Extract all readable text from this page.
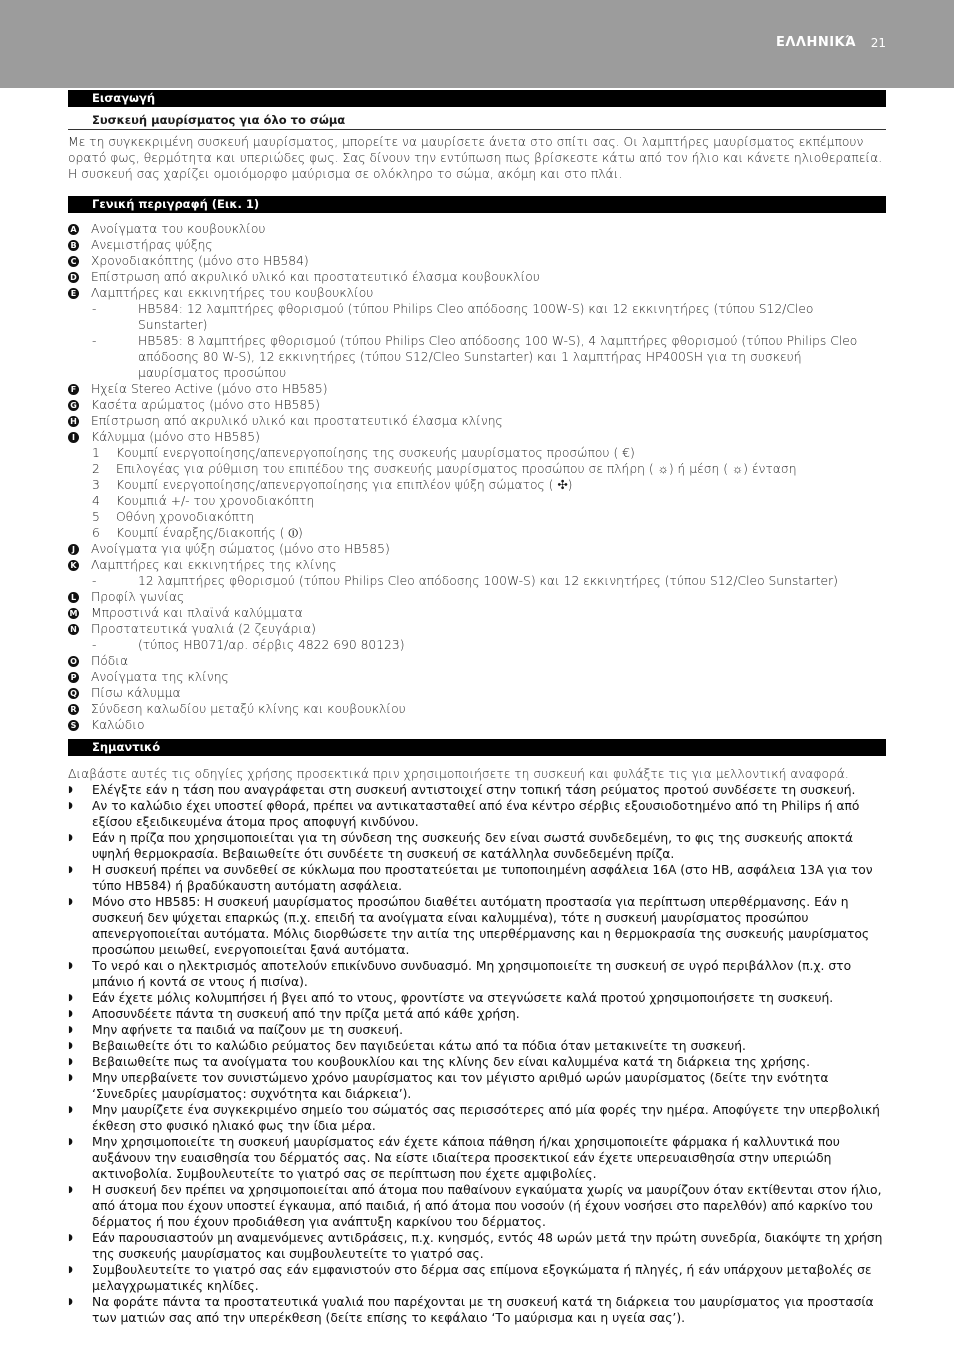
ΕΛΛΗΝΙΚΆ 21
Εισαγωγή
Συσκευή μαυρίσματος για όλο το σώμα

Με τη συγκεκριμένη συσκευή μαυρίσματος, μπορείτε να μαυρίσετε άνετα στο σπίτι σας. Οι λαμπτήρες μαυρίσματος εκπέμπουν ορατό φως, θερμότητα και υπεριώδες φως. Σας δίνουν την εντύπωση πως βρίσκεστε κάτω από τον ήλιο και κάνετε ηλιοθεραπεία. Η συσκευή σας χαρίζει ομοιόμορφο μαύρισμα σε ολόκληρο το σώμα, ακόμη και στο πλάι.

Γενική περιγραφή (Εικ. 1)
A Ανοίγματα του κουβουκλίου
B Ανεμιστήρας ψύξης
C Χρονοδιακόπτης (μόνο στο HB584)
D Επίστρωση από ακρυλικό υλικό και προστατευτικό έλασμα κουβουκλίου
E Λαμπτήρες και εκκινητήρες του κουβουκλίου
-	HB584: 12 λαμπτήρες φθορισμού (τύπου Philips Cleo απόδοσης 100W-S) και 12 εκκινητήρες (τύπου S12/Cleo Sunstarter)
-	HB585: 8 λαμπτήρες φθορισμού (τύπου Philips Cleo απόδοσης 100 W-S), 4 λαμπτήρες φθορισμού (τύπου Philips Cleo απόδοσης 80 W-S), 12 εκκινητήρες (τύπου S12/Cleo Sunstarter) και 1 λαμπτήρας HP400SH για τη συσκευή μαυρίσματος προσώπου
F Ηχεία Stereo Active (μόνο στο HB585)
G Κασέτα αρώματος (μόνο στο HB585)
H Επίστρωση από ακρυλικό υλικό και προστατευτικό έλασμα κλίνης
I	Κάλυμμα (μόνο στο HB585)
1	Κουμπί ενεργοποίησης/απενεργοποίησης της συσκευής μαυρίσματος προσώπου ( €)
2	Επιλογέας για ρύθμιση του επιπέδου της συσκευής μαυρίσματος προσώπου σε πλήρη ( ☼) ή μέση ( ☼) ένταση
3	Κουμπί ενεργοποίησης/απενεργοποίησης για επιπλέον ψύξη σώματος ( ✣)
4	Κουμπιά +/- του χρονοδιακόπτη
5	Οθόνη χρονοδιακόπτη
6	Κουμπί έναρξης/διακοπής ( ⏼)
J	Ανοίγματα για ψύξη σώματος (μόνο στο HB585)
K Λαμπτήρες και εκκινητήρες της κλίνης
-	12 λαμπτήρες φθορισμού (τύπου Philips Cleo απόδοσης 100W-S) και 12 εκκινητήρες (τύπου S12/Cleo Sunstarter)
L Προφίλ γωνίας
M Μπροστινά και πλαϊνά καλύμματα
N Προστατευτικά γυαλιά (2 ζευγάρια)
-	(τύπος HB071/αρ. σέρβις 4822 690 80123)
O Πόδια
P Ανοίγματα της κλίνης
Q Πίσω κάλυμμα
R Σύνδεση καλωδίου μεταξύ κλίνης και κουβουκλίου
S Καλώδιο
Σημαντικό

Διαβάστε αυτές τις οδηγίες χρήσης προσεκτικά πριν χρησιμοποιήσετε τη συσκευή και φυλάξτε τις για μελλοντική αναφορά.

◗	Ελέγξτε εάν η τάση που αναγράφεται στη συσκευή αντιστοιχεί στην τοπική τάση ρεύματος προτού συνδέσετε τη συσκευή.
◗	Αν το καλώδιο έχει υποστεί φθορά, πρέπει να αντικατασταθεί από ένα κέντρο σέρβις εξουσιοδοτημένο από τη Philips ή από εξίσου εξειδικευμένα άτομα προς αποφυγή κινδύνου.
◗	Εάν η πρίζα που χρησιμοποιείται για τη σύνδεση της συσκευής δεν είναι σωστά συνδεδεμένη, το φις της συσκευής αποκτά υψηλή θερμοκρασία. Βεβαιωθείτε ότι συνδέετε τη συσκευή σε κατάλληλα συνδεδεμένη πρίζα.
◗	Η συσκευή πρέπει να συνδεθεί σε κύκλωμα που προστατεύεται με τυποποιημένη ασφάλεια 16A (στο HB, ασφάλεια 13A για τον τύπο HB584) ή βραδύκαυστη αυτόματη ασφάλεια.
◗	Μόνο στο HB585: Η συσκευή μαυρίσματος προσώπου διαθέτει αυτόματη προστασία για περίπτωση υπερθέρμανσης. Εάν η συσκευή δεν ψύχεται επαρκώς (π.χ. επειδή τα ανοίγματα είναι καλυμμένα), τότε η συσκευή μαυρίσματος προσώπου απενεργοποιείται αυτόματα. Μόλις διορθώσετε την αιτία της υπερθέρμανσης και η θερμοκρασία της συσκευής μαυρίσματος προσώπου μειωθεί, ενεργοποιείται ξανά αυτόματα.
◗	Το νερό και ο ηλεκτρισμός αποτελούν επικίνδυνο συνδυασμό. Μη χρησιμοποιείτε τη συσκευή σε υγρό περιβάλλον (π.χ. στο μπάνιο ή κοντά σε ντους ή πισίνα).
◗	Εάν έχετε μόλις κολυμπήσει ή βγει από το ντους, φροντίστε να στεγνώσετε καλά προτού χρησιμοποιήσετε τη συσκευή.
◗	Αποσυνδέετε πάντα τη συσκευή από την πρίζα μετά από κάθε χρήση.
◗	Μην αφήνετε τα παιδιά να παίζουν με τη συσκευή.
◗	Βεβαιωθείτε ότι το καλώδιο ρεύματος δεν παγιδεύεται κάτω από τα πόδια όταν μετακινείτε τη συσκευή.
◗	Βεβαιωθείτε πως τα ανοίγματα του κουβουκλίου και της κλίνης δεν είναι καλυμμένα κατά τη διάρκεια της χρήσης.
◗	Μην υπερβαίνετε τον συνιστώμενο χρόνο μαυρίσματος και τον μέγιστο αριθμό ωρών μαυρίσματος (δείτε την ενότητα ‘Συνεδρίες μαυρίσματος: συχνότητα και διάρκεια’).
◗	Μην μαυρίζετε ένα συγκεκριμένο σημείο του σώματός σας περισσότερες από μία φορές την ημέρα. Αποφύγετε την υπερβολική έκθεση στο φυσικό ηλιακό φως την ίδια μέρα.
◗	Μην χρησιμοποιείτε τη συσκευή μαυρίσματος εάν έχετε κάποια πάθηση ή/και χρησιμοποιείτε φάρμακα ή καλλυντικά που αυξάνουν την ευαισθησία του δέρματός σας. Να είστε ιδιαίτερα προσεκτικοί εάν έχετε υπερευαισθησία στην υπεριώδη ακτινοβολία. Συμβουλευτείτε το γιατρό σας σε περίπτωση που έχετε αμφιβολίες.
◗	Η συσκευή δεν πρέπει να χρησιμοποιείται από άτομα που παθαίνουν εγκαύματα χωρίς να μαυρίζουν όταν εκτίθενται στον ήλιο, από άτομα που έχουν υποστεί έγκαυμα, από παιδιά, ή από άτομα που νοσούν (ή έχουν νοσήσει στο παρελθόν) από καρκίνο του δέρματος ή που έχουν προδιάθεση για ανάπτυξη καρκίνου του δέρματος.
◗	Εάν παρουσιαστούν μη αναμενόμενες αντιδράσεις, π.χ. κνησμός, εντός 48 ωρών μετά την πρώτη συνεδρία, διακόψτε τη χρήση της συσκευής μαυρίσματος και συμβουλευτείτε το γιατρό σας.
◗	Συμβουλευτείτε το γιατρό σας εάν εμφανιστούν στο δέρμα σας επίμονα εξογκώματα ή πληγές, ή εάν υπάρχουν μεταβολές σε μελαγχρωματικές κηλίδες.
◗	Να φοράτε πάντα τα προστατευτικά γυαλιά που παρέχονται με τη συσκευή κατά τη διάρκεια του μαυρίσματος για προστασία των ματιών σας από την υπερέκθεση (δείτε επίσης το κεφάλαιο ‘Το μαύρισμα και η υγεία σας’).
